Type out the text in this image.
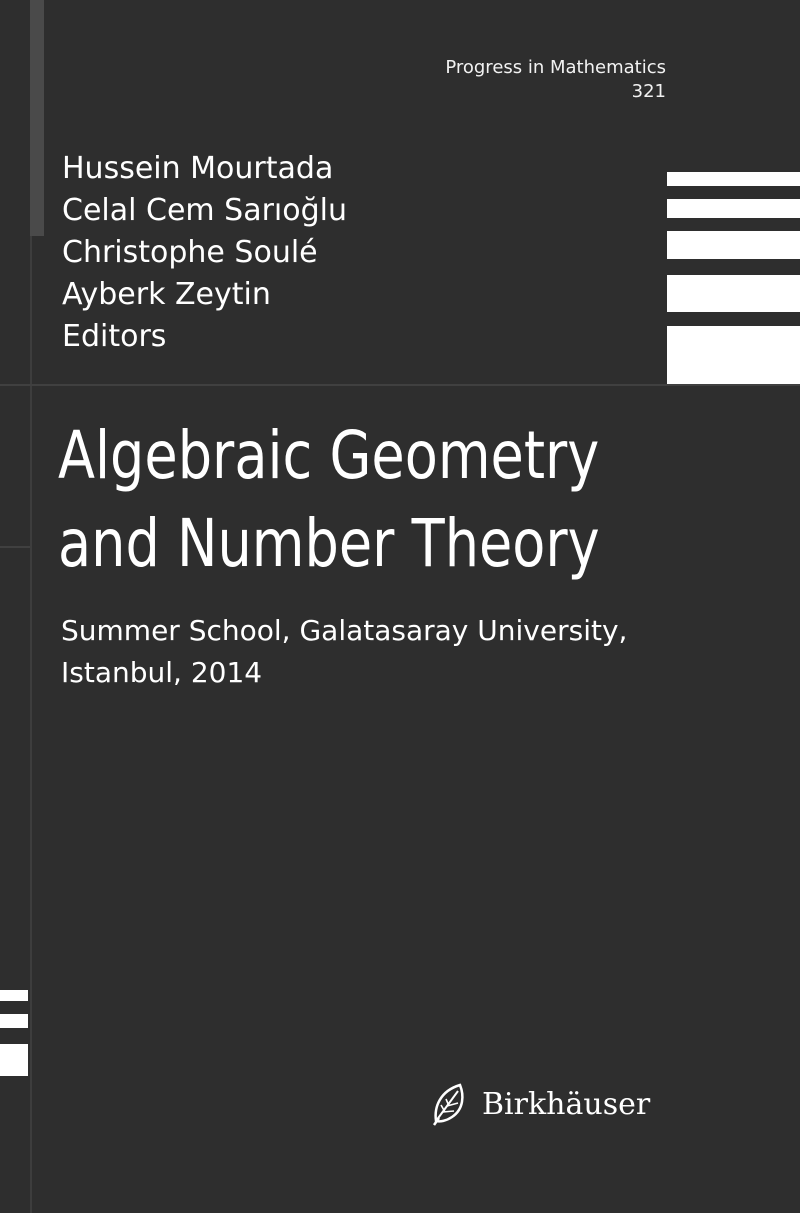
Progress in Mathematics
321
Hussein Mourtada
Celal Cem Sarıoğlu
Christophe Soulé
Ayberk Zeytin
Editors
Algebraic Geometry
and Number Theory
Summer School, Galatasaray University,
Istanbul, 2014
Birkhäuser
